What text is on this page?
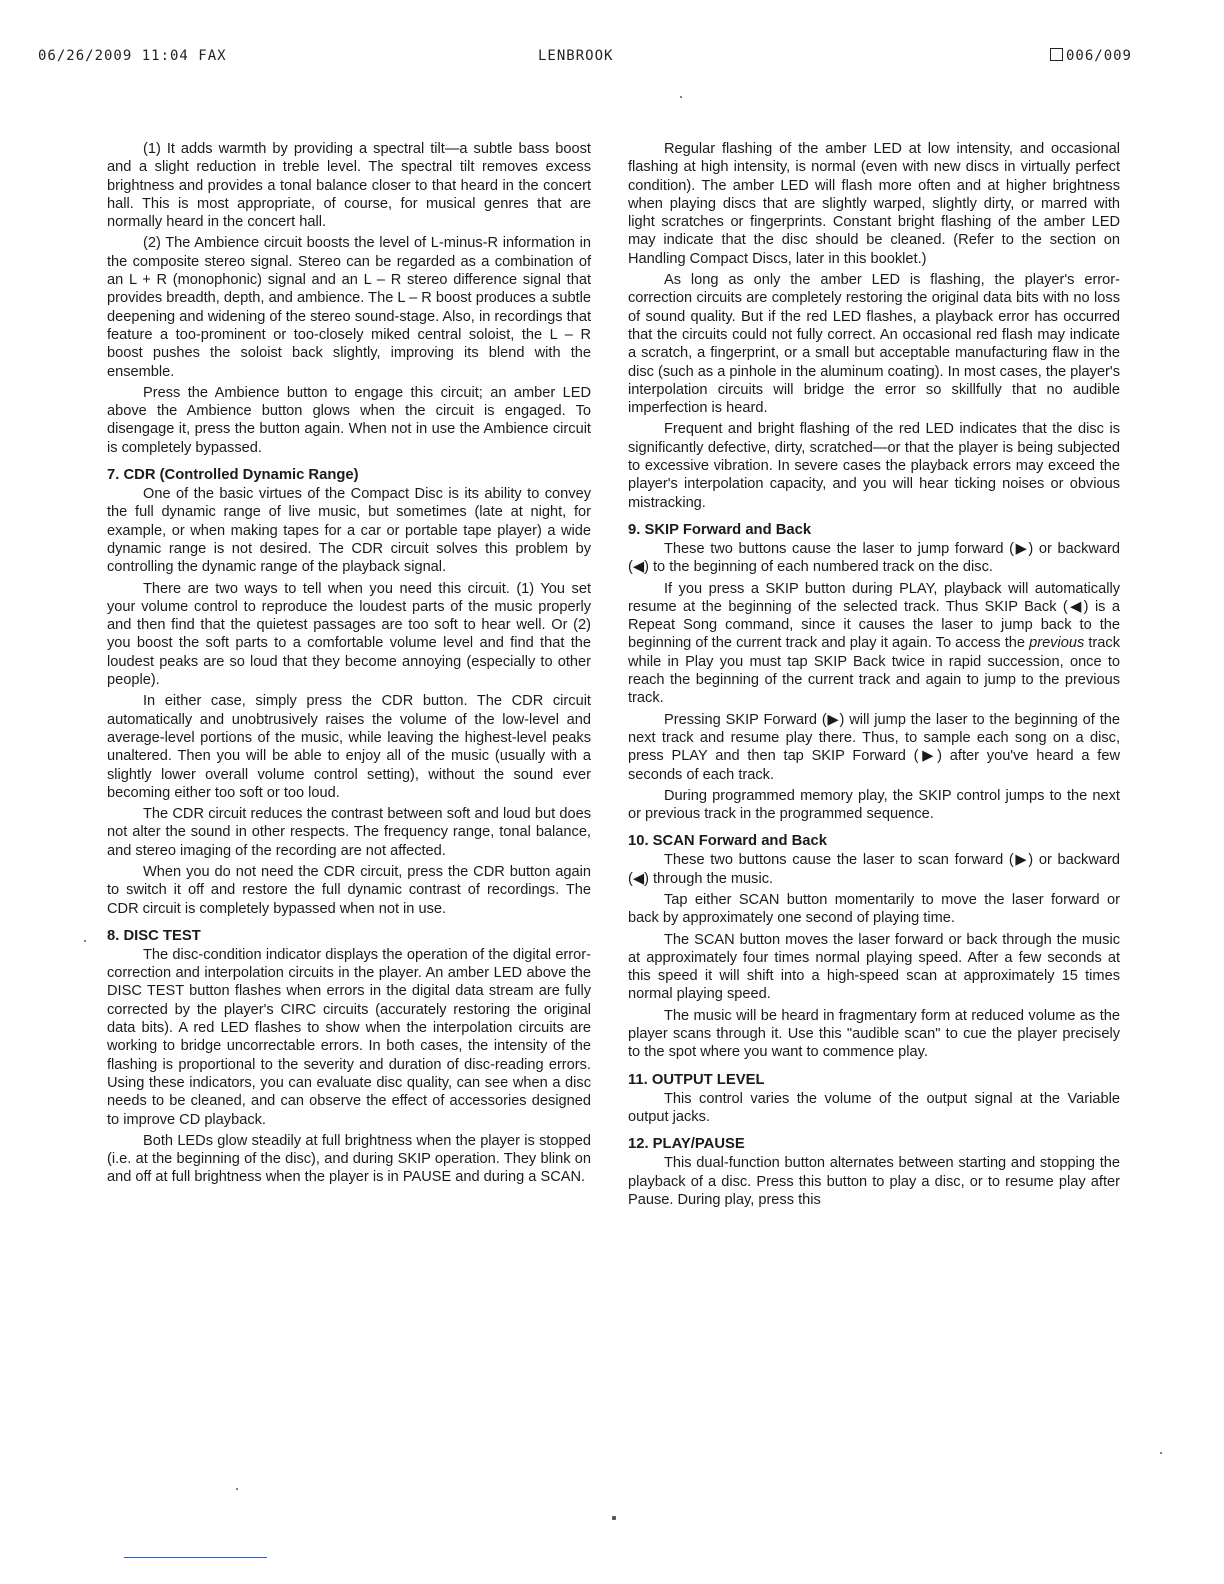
06/26/2009 11:04 FAX	LENBROOK	006/009

(1) It adds warmth by providing a spectral tilt—a subtle bass boost and a slight reduction in treble level. The spectral tilt removes excess brightness and provides a tonal balance closer to that heard in the concert hall. This is most appropriate, of course, for musical genres that are normally heard in the concert hall.

(2) The Ambience circuit boosts the level of L-minus-R information in the composite stereo signal. Stereo can be regarded as a combination of an L + R (monophonic) signal and an L – R stereo difference signal that provides breadth, depth, and ambience. The L – R boost produces a subtle deepening and widening of the stereo sound-stage. Also, in recordings that feature a too-prominent or too-closely miked central soloist, the L – R boost pushes the soloist back slightly, improving its blend with the ensemble.

Press the Ambience button to engage this circuit; an amber LED above the Ambience button glows when the circuit is engaged. To disengage it, press the button again. When not in use the Ambience circuit is completely bypassed.

7. CDR (Controlled Dynamic Range)

One of the basic virtues of the Compact Disc is its ability to convey the full dynamic range of live music, but sometimes (late at night, for example, or when making tapes for a car or portable tape player) a wide dynamic range is not desired. The CDR circuit solves this problem by controlling the dynamic range of the playback signal.

There are two ways to tell when you need this circuit. (1) You set your volume control to reproduce the loudest parts of the music properly and then find that the quietest passages are too soft to hear well. Or (2) you boost the soft parts to a comfortable volume level and find that the loudest peaks are so loud that they become annoying (especially to other people).

In either case, simply press the CDR button. The CDR circuit automatically and unobtrusively raises the volume of the low-level and average-level portions of the music, while leaving the highest-level peaks unaltered. Then you will be able to enjoy all of the music (usually with a slightly lower overall volume control setting), without the sound ever becoming either too soft or too loud.

The CDR circuit reduces the contrast between soft and loud but does not alter the sound in other respects. The frequency range, tonal balance, and stereo imaging of the recording are not affected.

When you do not need the CDR circuit, press the CDR button again to switch it off and restore the full dynamic contrast of recordings. The CDR circuit is completely bypassed when not in use.

8. DISC TEST

The disc-condition indicator displays the operation of the digital error-correction and interpolation circuits in the player. An amber LED above the DISC TEST button flashes when errors in the digital data stream are fully corrected by the player's CIRC circuits (accurately restoring the original data bits). A red LED flashes to show when the interpolation circuits are working to bridge uncorrectable errors. In both cases, the intensity of the flashing is proportional to the severity and duration of disc-reading errors. Using these indicators, you can evaluate disc quality, can see when a disc needs to be cleaned, and can observe the effect of accessories designed to improve CD playback.

Both LEDs glow steadily at full brightness when the player is stopped (i.e. at the beginning of the disc), and during SKIP operation. They blink on and off at full brightness when the player is in PAUSE and during a SCAN.

Regular flashing of the amber LED at low intensity, and occasional flashing at high intensity, is normal (even with new discs in virtually perfect condition). The amber LED will flash more often and at higher brightness when playing discs that are slightly warped, slightly dirty, or marred with light scratches or fingerprints. Constant bright flashing of the amber LED may indicate that the disc should be cleaned. (Refer to the section on Handling Compact Discs, later in this booklet.)

As long as only the amber LED is flashing, the player's error-correction circuits are completely restoring the original data bits with no loss of sound quality. But if the red LED flashes, a playback error has occurred that the circuits could not fully correct. An occasional red flash may indicate a scratch, a fingerprint, or a small but acceptable manufacturing flaw in the disc (such as a pinhole in the aluminum coating). In most cases, the player's interpolation circuits will bridge the error so skillfully that no audible imperfection is heard.

Frequent and bright flashing of the red LED indicates that the disc is significantly defective, dirty, scratched—or that the player is being subjected to excessive vibration. In severe cases the playback errors may exceed the player's interpolation capacity, and you will hear ticking noises or obvious mistracking.

9. SKIP Forward and Back

These two buttons cause the laser to jump forward (▶) or backward (◀) to the beginning of each numbered track on the disc.

If you press a SKIP button during PLAY, playback will automatically resume at the beginning of the selected track. Thus SKIP Back (◀) is a Repeat Song command, since it causes the laser to jump back to the beginning of the current track and play it again. To access the previous track while in Play you must tap SKIP Back twice in rapid succession, once to reach the beginning of the current track and again to jump to the previous track.

Pressing SKIP Forward (▶) will jump the laser to the beginning of the next track and resume play there. Thus, to sample each song on a disc, press PLAY and then tap SKIP Forward (▶) after you've heard a few seconds of each track.

During programmed memory play, the SKIP control jumps to the next or previous track in the programmed sequence.

10. SCAN Forward and Back

These two buttons cause the laser to scan forward (▶) or backward (◀) through the music.

Tap either SCAN button momentarily to move the laser forward or back by approximately one second of playing time.

The SCAN button moves the laser forward or back through the music at approximately four times normal playing speed. After a few seconds at this speed it will shift into a high-speed scan at approximately 15 times normal playing speed.

The music will be heard in fragmentary form at reduced volume as the player scans through it. Use this "audible scan" to cue the player precisely to the spot where you want to commence play.

11. OUTPUT LEVEL

This control varies the volume of the output signal at the Variable output jacks.

12. PLAY/PAUSE

This dual-function button alternates between starting and stopping the playback of a disc. Press this button to play a disc, or to resume play after Pause. During play, press this
